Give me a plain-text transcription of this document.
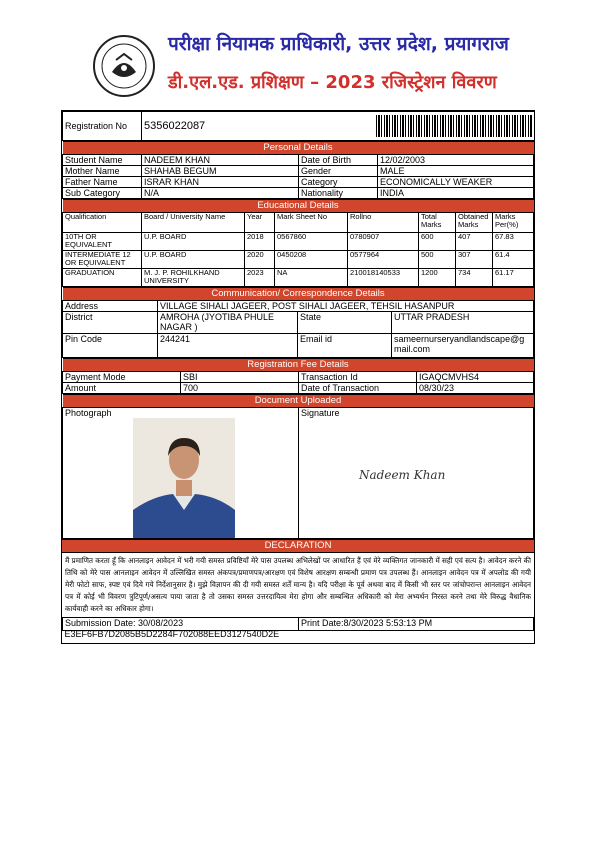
परीक्षा नियामक प्राधिकारी, उत्तर प्रदेश, प्रयागराज
डी.एल.एड. प्रशिक्षण – 2023 रजिस्ट्रेशन विवरण
Registration No	5356022087
Personal Details			
Student Name	NADEEM KHAN	Date of Birth	12/02/2003
Mother Name	SHAHAB BEGUM	Gender	MALE
Father Name	ISRAR KHAN	Category	ECONOMICALLY WEAKER
Sub Category	N/A	Nationality	INDIA
Educational Details							
Qualification	Board / University Name	Year	Mark Sheet No	Rollno	Total Marks	Obtained Marks	Marks Per(%)
10TH OR EQUIVALENT	U.P. BOARD	2018	0567860	0780907	600	407	67.83
INTERMEDIATE 12 OR EQUIVALENT	U.P. BOARD	2020	0450208	0577964	500	307	61.4
GRADUATION	M. J. P. ROHILKHAND UNIVERSITY	2023	NA	210018140533	1200	734	61.17
Communication/ Correspondence Details			
Address	VILLAGE SIHALI JAGEER, POST SIHALI JAGEER, TEHSIL HASANPUR		
District	AMROHA (JYOTIBA PHULE NAGAR )	State	UTTAR PRADESH
Pin Code	244241	Email id	sameernurseryandlandscape@gmail.com
Registration Fee Details			
Payment Mode	SBI	Transaction Id	IGAQCMVHS4
Amount	700	Date of Transaction	08/30/23
Document Uploaded

Photograph	Signature
Nadeem Khan
DECLARATION
मैं प्रमाणित करता हूँ कि आनलाइन आवेदन में भरी गयी समस्त प्रविष्टियाँ मेरे पास उपलब्ध अभिलेखों पर आधारित हैं एवं मेरे व्यक्तिगत जानकारी में सही एवं सत्य है। आवेदन करने की तिथि को मेरे पास आनलाइन आवेदन में उल्लिखित समस्त अंकपत्र/प्रमाणपत्र/आरक्षण एवं विशेष आरक्षण सम्बन्धी प्रमाण पत्र उपलब्ध हैं। आनलाइन आवेदन पत्र में अपलोड की गयी मेरी फोटो साफ, स्पष्ट एवं दिये गये निर्देशानुसार है। मुझे विज्ञापन की दी गयी समस्त शर्तें मान्य है। यदि परीक्षा के पूर्व अथवा बाद में किसी भी स्तर पर जांचोपरान्त आनलाइन आवेदन पत्र में कोई भी विवरण त्रुटिपूर्ण/असत्य पाया जाता है तो उसका समस्त उत्तरदायित्व मेरा होगा और सम्बन्धित अधिकारी को मेरा अभ्यर्थन निरस्त करने तथा मेरे विरुद्ध वैधानिक कार्यवाही करने का अधिकार होगा।
Submission Date: 30/08/2023	Print Date:8/30/2023 5:53:13 PM
E3EF6FB7D2085B5D2284F702088EED3127540D2E
